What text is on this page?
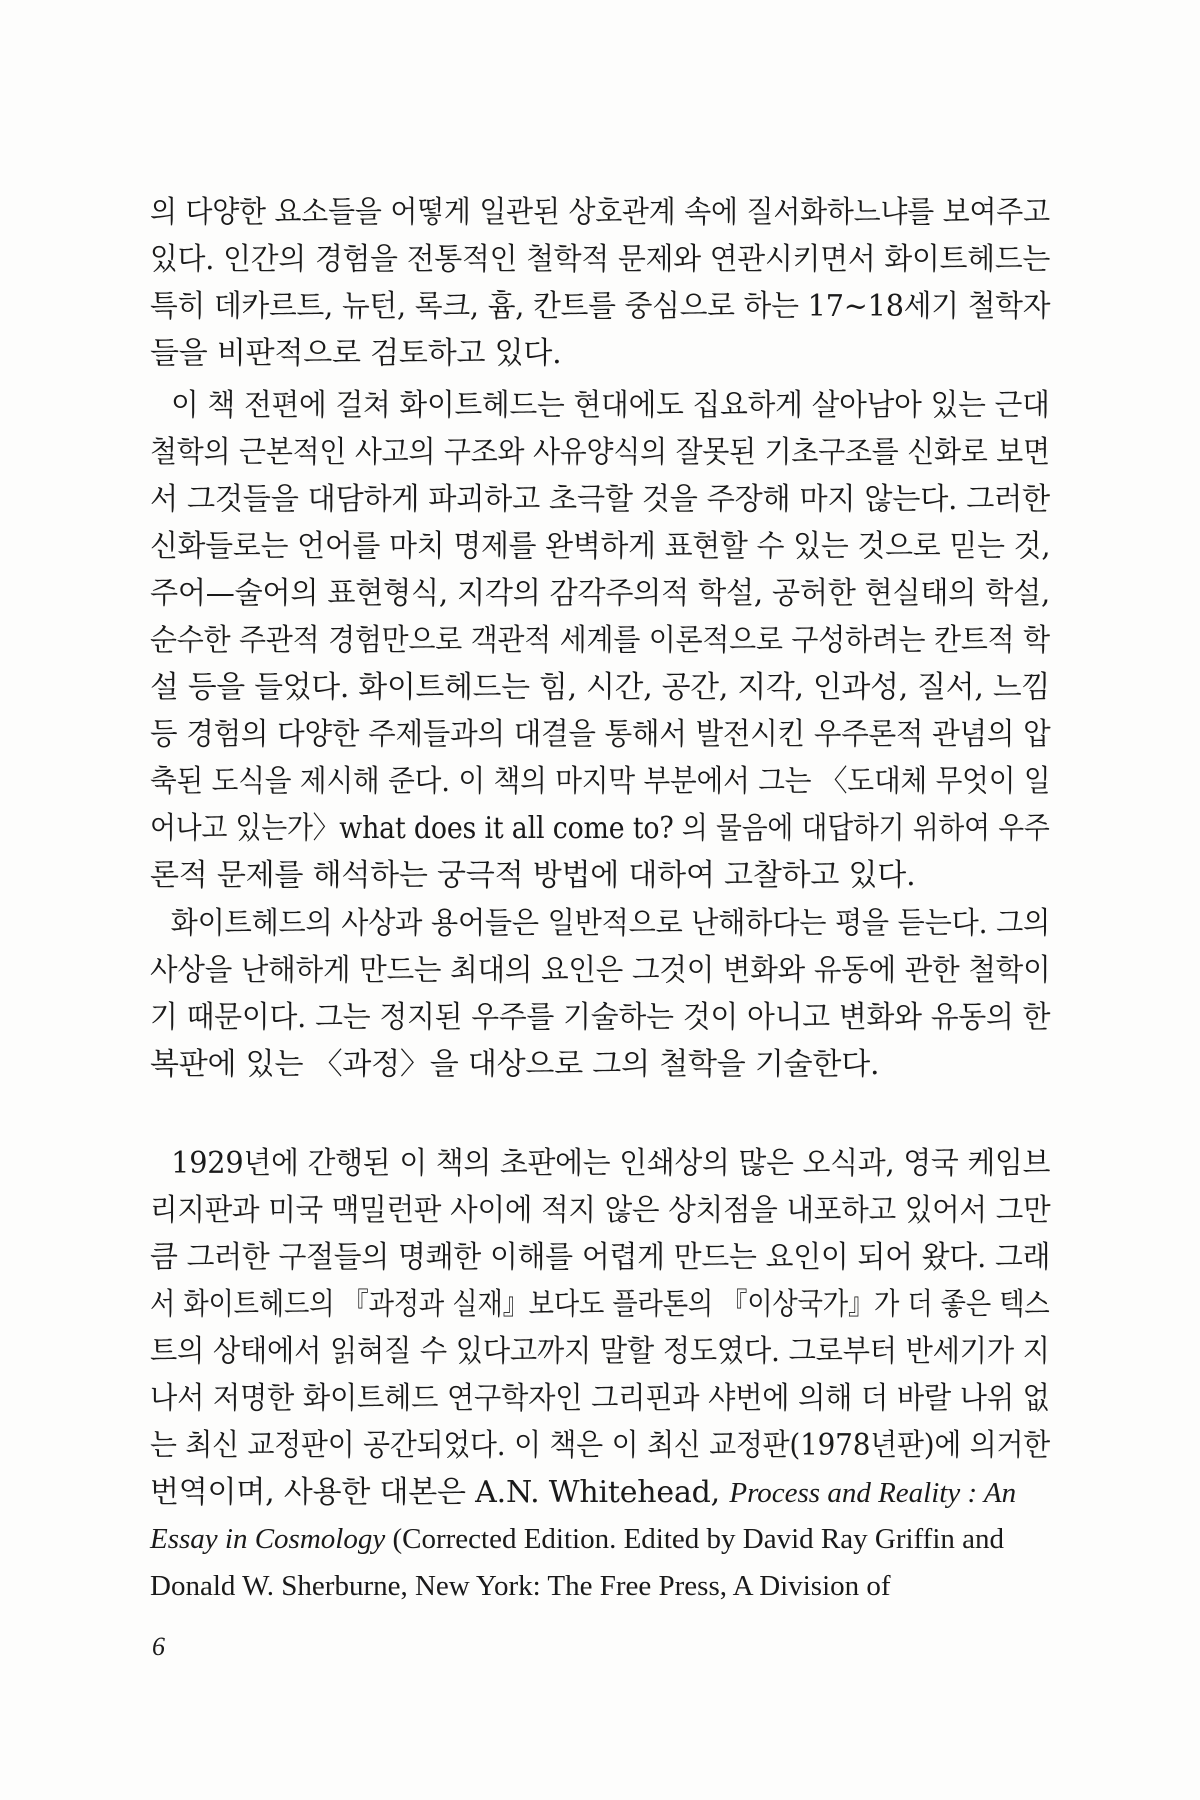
의 다양한 요소들을 어떻게 일관된 상호관계 속에 질서화하느냐를 보여주고
있다. 인간의 경험을 전통적인 철학적 문제와 연관시키면서 화이트헤드는
특히 데카르트, 뉴턴, 록크, 흄, 칸트를 중심으로 하는 17~18세기 철학자
들을 비판적으로 검토하고 있다.
이 책 전편에 걸쳐 화이트헤드는 현대에도 집요하게 살아남아 있는 근대
철학의 근본적인 사고의 구조와 사유양식의 잘못된 기초구조를 신화로 보면
서 그것들을 대담하게 파괴하고 초극할 것을 주장해 마지 않는다. 그러한
신화들로는 언어를 마치 명제를 완벽하게 표현할 수 있는 것으로 믿는 것,
주어—술어의 표현형식, 지각의 감각주의적 학설, 공허한 현실태의 학설,
순수한 주관적 경험만으로 객관적 세계를 이론적으로 구성하려는 칸트적 학
설 등을 들었다. 화이트헤드는 힘, 시간, 공간, 지각, 인과성, 질서, 느낌
등 경험의 다양한 주제들과의 대결을 통해서 발전시킨 우주론적 관념의 압
축된 도식을 제시해 준다. 이 책의 마지막 부분에서 그는 〈도대체 무엇이 일
어나고 있는가〉what does it all come to? 의 물음에 대답하기 위하여 우주
론적 문제를 해석하는 궁극적 방법에 대하여 고찰하고 있다.
화이트헤드의 사상과 용어들은 일반적으로 난해하다는 평을 듣는다. 그의
사상을 난해하게 만드는 최대의 요인은 그것이 변화와 유동에 관한 철학이
기 때문이다. 그는 정지된 우주를 기술하는 것이 아니고 변화와 유동의 한
복판에 있는 〈과정〉을 대상으로 그의 철학을 기술한다.
1929년에 간행된 이 책의 초판에는 인쇄상의 많은 오식과, 영국 케임브
리지판과 미국 맥밀런판 사이에 적지 않은 상치점을 내포하고 있어서 그만
큼 그러한 구절들의 명쾌한 이해를 어렵게 만드는 요인이 되어 왔다. 그래
서 화이트헤드의 『과정과 실재』보다도 플라톤의 『이상국가』가 더 좋은 텍스
트의 상태에서 읽혀질 수 있다고까지 말할 정도였다. 그로부터 반세기가 지
나서 저명한 화이트헤드 연구학자인 그리핀과 샤번에 의해 더 바랄 나위 없
는 최신 교정판이 공간되었다. 이 책은 이 최신 교정판(1978년판)에 의거한
번역이며, 사용한 대본은 A.N. Whitehead, Process and Reality : An
Essay in Cosmology (Corrected Edition. Edited by David Ray Griffin and
Donald W. Sherburne, New York: The Free Press, A Division of
6
